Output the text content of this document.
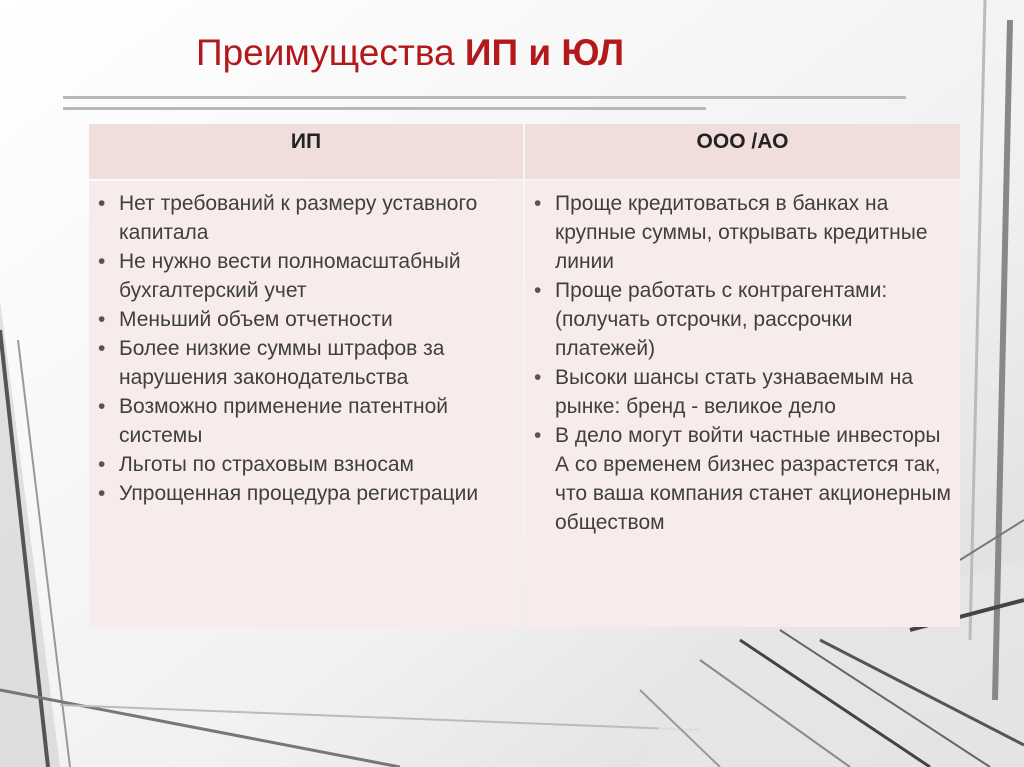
Преимущества ИП и ЮЛ
ИП	ООО /АО
• Нет требований к размеру уставного капитала
• Не нужно вести полномасштабный бухгалтерский учет
• Меньший объем отчетности
• Более низкие суммы штрафов за нарушения законодательства
• Возможно применение патентной системы
• Льготы по страховым взносам
• Упрощенная процедура регистрации
• Проще кредитоваться в банках на крупные суммы, открывать кредитные линии
• Проще работать с контрагентами: (получать отсрочки, рассрочки платежей)
• Высоки шансы стать узнаваемым на рынке: бренд - великое дело
• В дело могут войти частные инвесторы А со временем бизнес разрастется так, что ваша компания станет акционерным обществом
